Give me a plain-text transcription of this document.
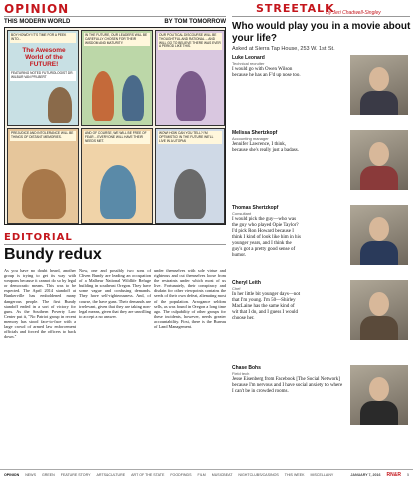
OPINION	STREETALK
by Jeri Chadwell-Singley
THIS MODERN WORLD	BY TOM TOMORROW
BOY HOWDY! IT'S TIME FOR A PEEK INTO...
The Awesome World of the FUTURE!
FEATURING NOTED FUTUROLOGIST DR. WILBUR VAN PFILBERT
IN THE FUTURE, OUR LEADERS WILL BE CAREFULLY CHOSEN FOR THEIR WISDOM AND MATURITY.
OUR POLITICAL DISCOURSE WILL BE THOUGHTFUL AND RATIONAL -- AND WILL GO TO BELIEVE THERE WAS EVER A PERIOD LIKE THIS.
PREJUDICE AND INTOLERANCE WILL BE THINGS OF DISTANT MEMORIES.
AND OF COURSE, WE WILL BE FREE OF FEAR -- EVERYONE WILL HAVE THEIR NEEDS MET.
WOW! HOW CAN YOU TELL? I'M OPTIMISTIC! IN THE FUTURE WE'LL LIVE IN A UTOPIA!
Who would play you in a movie about your life?
Asked at Sierra Tap House, 253 W. 1st St.
Luke Leonard
Technical recruiter
I would go with Owen Wilson because he has an F'd up nose too.
Melissa Shertzkopf
Accounting manager
Jennifer Lawrence, I think, because she's really just a badass.
Thomas Shertzkopf
Consultant
I would pick the guy—who was the guy who played Opie Taylor? I'd pick Ron Howard because I think I kind of look like him in his younger years, and I think the guy's got a pretty good sense of humor.
Cheryl Leith
Chef
In her little bit younger days—not that I'm young. I'm 50—Shirley MacLaine has the same kind of wit that I do, and I guess I would choose her.
Chase Bohs
Field tech
Jesse Eisenberg from Facebook [The Social Network] because I'm nervous and I have social anxiety to where I can't be in crowded rooms.
EDITORIAL
Bundy redux

As you have no doubt heard, another group is trying to get its way with weapons because it cannot do so by legal or democratic means. This was to be expected. The April 2014 standoff at Bunkerville has emboldened many dangerous people. The first Bundy standoff ended in a sort of victory for guns. As the Southern Poverty Law Center put it, "No Patriot group in recent memory has stood face-to-face with a large crowd of armed law enforcement officials and forced the officers to back down."

Now, one and possibly two sons of Cliven Bundy are leading an occupation of a Malheur National Wildlife Refuge building in southeast Oregon. They have some vague and confusing demands. They have self-righteousness. And, of course, the have guns. Their demands are irrelevant, given that they are taking non-legal means, given that they are unwilling to accept a no answer.

under themselves with sole virtue and righteous and cut themselves loose from the restraints under which most of us live. Fortunately, their conspiracy and disdain for other viewpoints contains the seeds of their own defeat, alienating most of the population. Arrogance seldom sells, as was found in Oregon a long time ago. The culpability of other groups for these incidents, however, needs greater accountability. First, there is the Bureau of Land Management.

OPINION NEWS GREEN FEATURE STORY ARTS&CULTURE ART OF THE STATE FOODFINDS FILM MUSICBEAT NIGHTCLUBS/CASINOS THIS WEEK MISCELLANY	JANUARY 7, 2016 RN&R 5
